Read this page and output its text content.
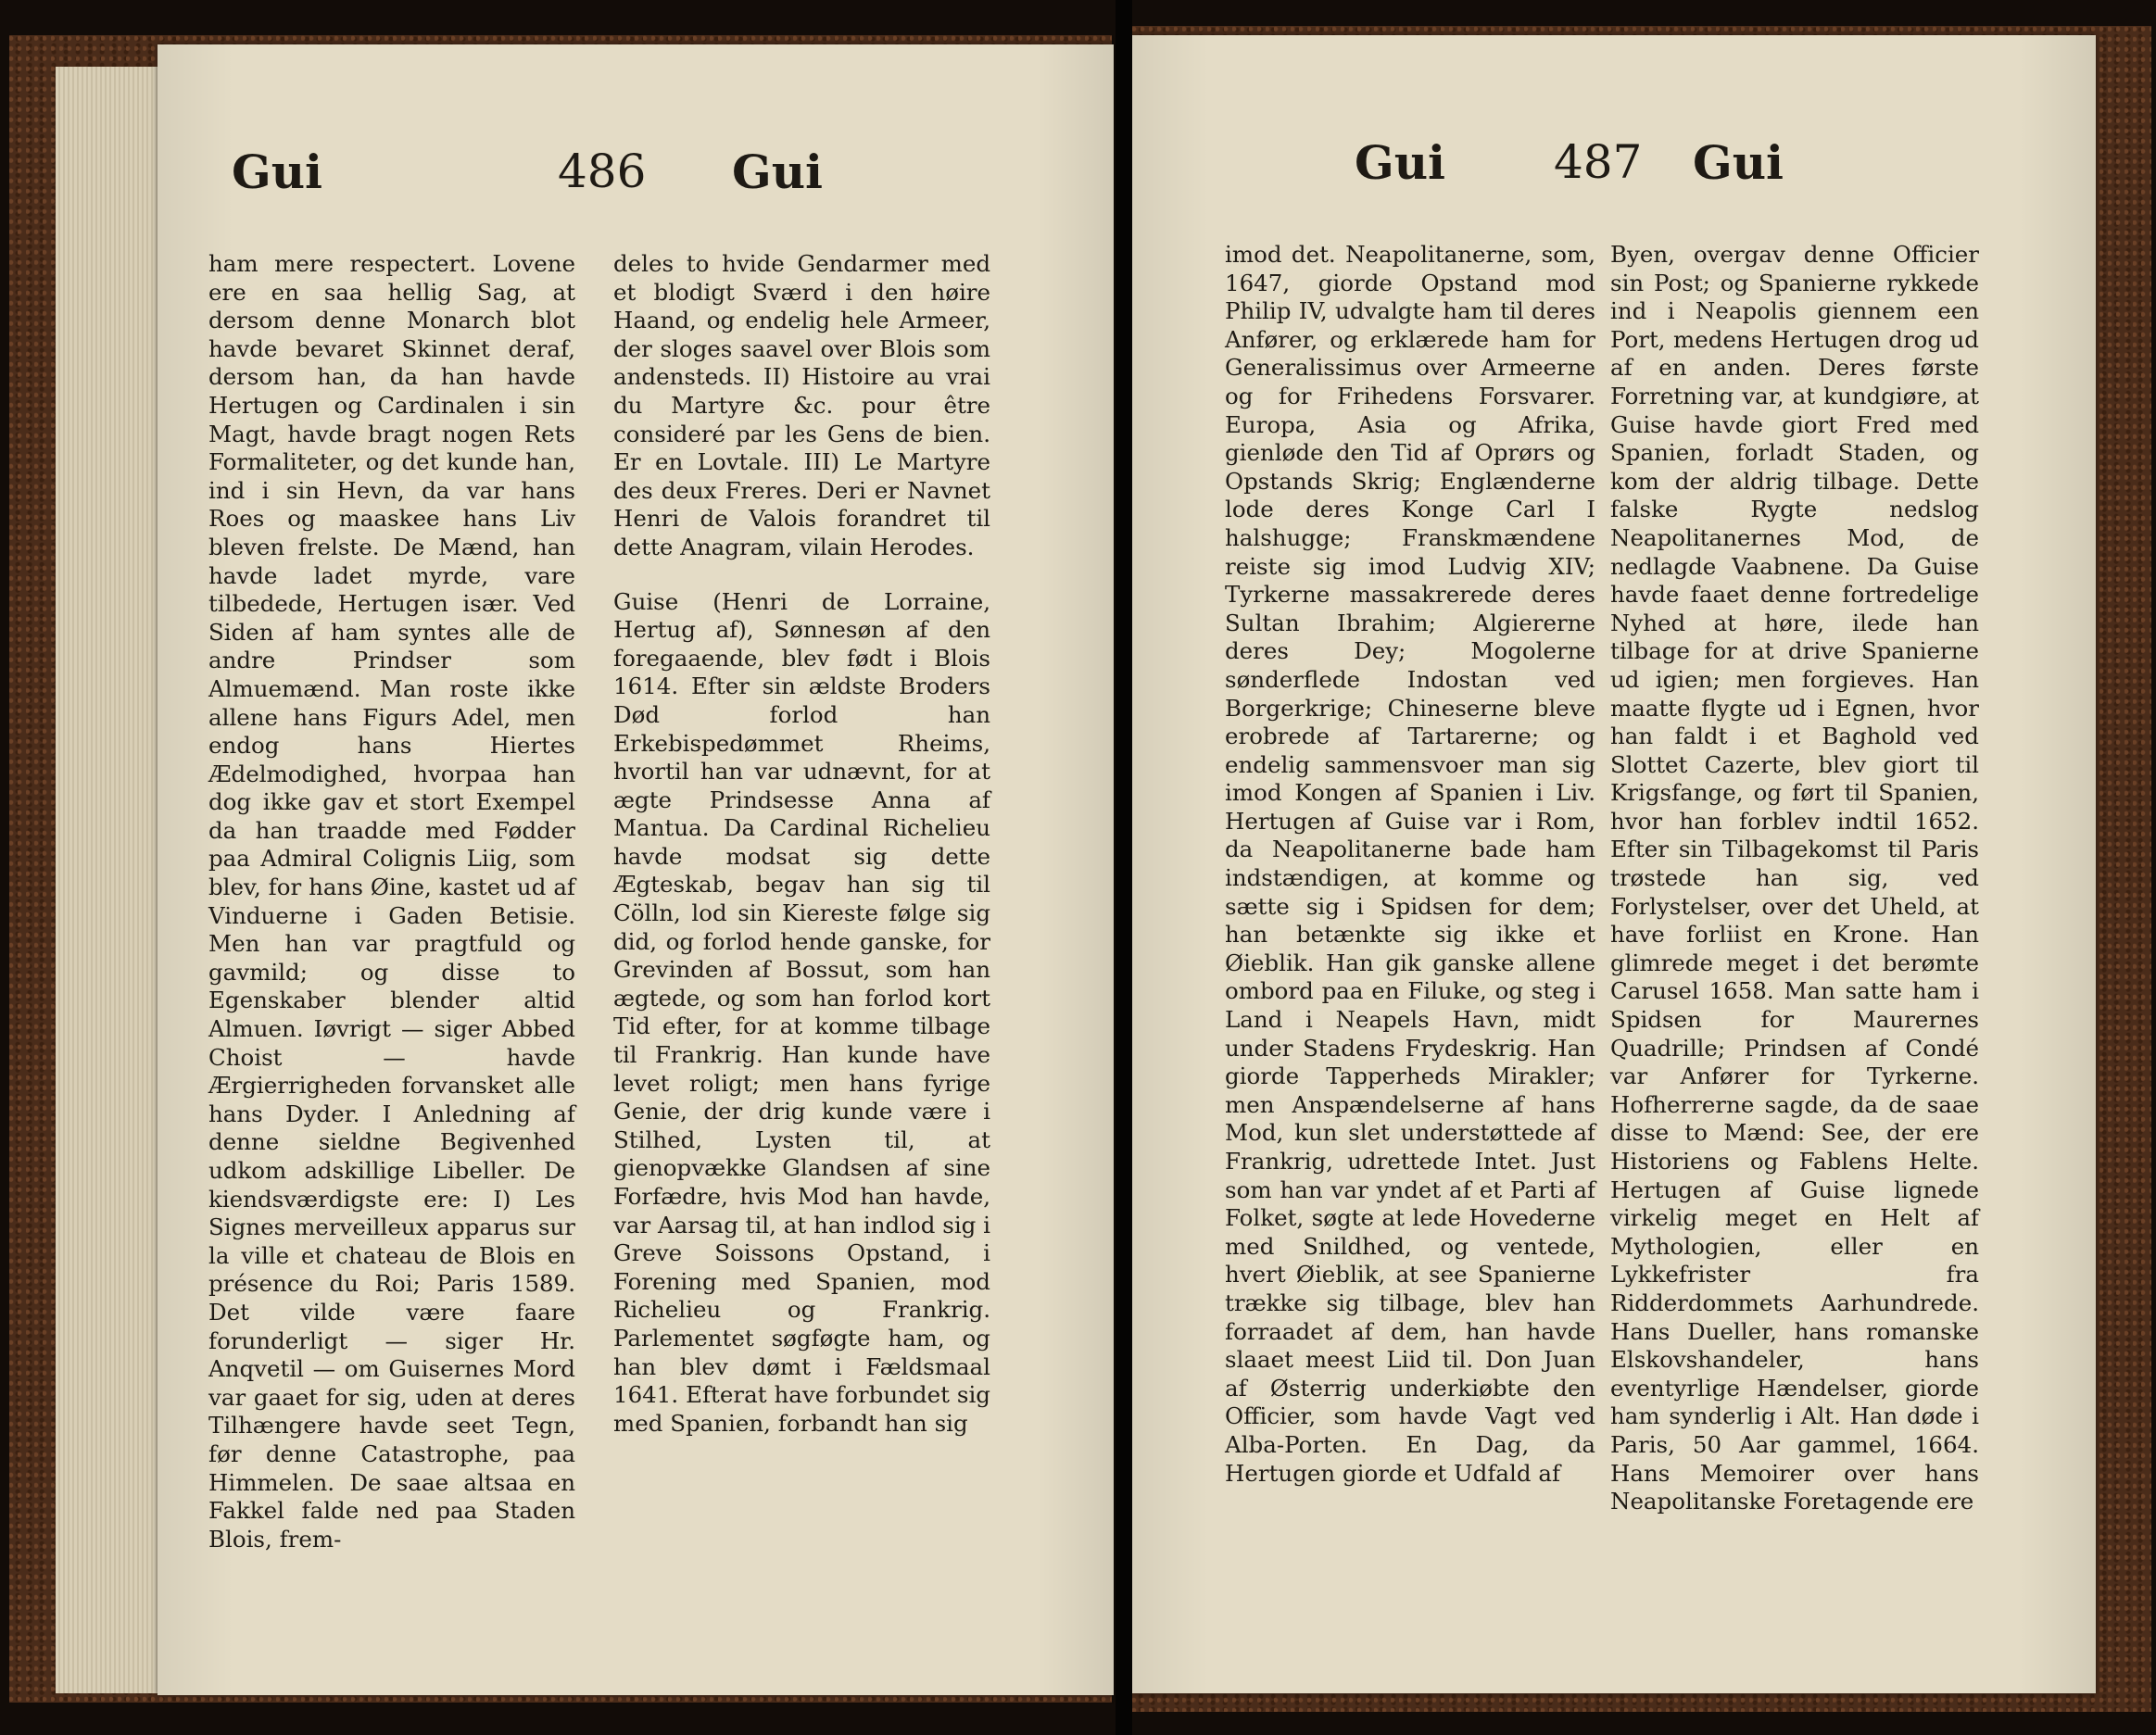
Gui	486 Gui

ham mere respectert. Lovene ere en saa hellig Sag, at dersom denne Monarch blot havde bevaret Skinnet deraf, dersom han, da han havde Hertugen og Cardinalen i sin Magt, havde bragt nogen Rets Formaliteter, og det kunde han, ind i sin Hevn, da var hans Roes og maaskee hans Liv bleven frelste. De Mænd, han havde ladet myrde, vare tilbedede, Hertugen især. Ved Siden af ham syntes alle de andre Prindser som Almuemænd. Man roste ikke allene hans Figurs Adel, men endog hans Hiertes Ædelmodighed, hvorpaa han dog ikke gav et stort Exempel da han traadde med Fødder paa Admiral Colignis Liig, som blev, for hans Øine, kastet ud af Vinduerne i Gaden Betisie. Men han var pragtfuld og gavmild; og disse to Egenskaber blender altid Almuen. Iøvrigt — siger Abbed Choist — havde Ærgierrigheden forvansket alle hans Dyder. I Anledning af denne sieldne Begivenhed udkom adskillige Libeller. De kiendsværdigste ere: I) Les Signes merveilleux apparus sur la ville et chateau de Blois en présence du Roi; Paris 1589. Det vilde være faare forunderligt — siger Hr. Anqvetil — om Guisernes Mord var gaaet for sig, uden at deres Tilhængere havde seet Tegn, før denne Catastrophe, paa Himmelen. De saae altsaa en Fakkel falde ned paa Staden Blois, frem-

deles to hvide Gendarmer med et blodigt Sværd i den høire Haand, og endelig hele Armeer, der sloges saavel over Blois som andensteds. II) Histoire au vrai du Martyre &c. pour être consideré par les Gens de bien. Er en Lovtale. III) Le Martyre des deux Freres. Deri er Navnet Henri de Valois forandret til dette Anagram, vilain Herodes.

Guise (Henri de Lorraine, Hertug af), Sønnesøn af den foregaaende, blev født i Blois 1614. Efter sin ældste Broders Død forlod han Erkebispedømmet Rheims, hvortil han var udnævnt, for at ægte Prindsesse Anna af Mantua. Da Cardinal Richelieu havde modsat sig dette Ægteskab, begav han sig til Cölln, lod sin Kiereste følge sig did, og forlod hende ganske, for Grevinden af Bossut, som han ægtede, og som han forlod kort Tid efter, for at komme tilbage til Frankrig. Han kunde have levet roligt; men hans fyrige Genie, der drig kunde være i Stilhed, Lysten til, at gienopvække Glandsen af sine Forfædre, hvis Mod han havde, var Aarsag til, at han indlod sig i Greve Soissons Opstand, i Forening med Spanien, mod Richelieu og Frankrig. Parlementet søgføgte ham, og han blev dømt i Fældsmaal 1641. Efterat have forbundet sig med Spanien, forbandt han sig

Gui 487 Gui

imod det. Neapolitanerne, som, 1647, giorde Opstand mod Philip IV, udvalgte ham til deres Anfører, og erklærede ham for Generalissimus over Armeerne og for Frihedens Forsvarer. Europa, Asia og Afrika, gienløde den Tid af Oprørs og Opstands Skrig; Englænderne lode deres Konge Carl I halshugge; Franskmændene reiste sig imod Ludvig XIV; Tyrkerne massakrerede deres Sultan Ibrahim; Algiererne deres Dey; Mogolerne sønderflede Indostan ved Borgerkrige; Chineserne bleve erobrede af Tartarerne; og endelig sammensvoer man sig imod Kongen af Spanien i Liv. Hertugen af Guise var i Rom, da Neapolitanerne bade ham indstændigen, at komme og sætte sig i Spidsen for dem; han betænkte sig ikke et Øieblik. Han gik ganske allene ombord paa en Filuke, og steg i Land i Neapels Havn, midt under Stadens Frydeskrig. Han giorde Tapperheds Mirakler; men Anspændelserne af hans Mod, kun slet understøttede af Frankrig, udrettede Intet. Just som han var yndet af et Parti af Folket, søgte at lede Hovederne med Snildhed, og ventede, hvert Øieblik, at see Spanierne trække sig tilbage, blev han forraadet af dem, han havde slaaet meest Liid til. Don Juan af Østerrig underkiøbte den Officier, som havde Vagt ved Alba-Porten. En Dag, da Hertugen giorde et Udfald af

Byen, overgav denne Officier sin Post; og Spanierne rykkede ind i Neapolis giennem een Port, medens Hertugen drog ud af en anden. Deres første Forretning var, at kundgiøre, at Guise havde giort Fred med Spanien, forladt Staden, og kom der aldrig tilbage. Dette falske Rygte nedslog Neapolitanernes Mod, de nedlagde Vaabnene. Da Guise havde faaet denne fortredelige Nyhed at høre, ilede han tilbage for at drive Spanierne ud igien; men forgieves. Han maatte flygte ud i Egnen, hvor han faldt i et Baghold ved Slottet Cazerte, blev giort til Krigsfange, og ført til Spanien, hvor han forblev indtil 1652. Efter sin Tilbagekomst til Paris trøstede han sig, ved Forlystelser, over det Uheld, at have forliist en Krone. Han glimrede meget i det berømte Carusel 1658. Man satte ham i Spidsen for Maurernes Quadrille; Prindsen af Condé var Anfører for Tyrkerne. Hofherrerne sagde, da de saae disse to Mænd: See, der ere Historiens og Fablens Helte. Hertugen af Guise lignede virkelig meget en Helt af Mythologien, eller en Lykkefrister fra Ridderdommets Aarhundrede. Hans Dueller, hans romanske Elskovshandeler, hans eventyrlige Hændelser, giorde ham synderlig i Alt. Han døde i Paris, 50 Aar gammel, 1664. Hans Memoirer over hans Neapolitanske Foretagende ere
